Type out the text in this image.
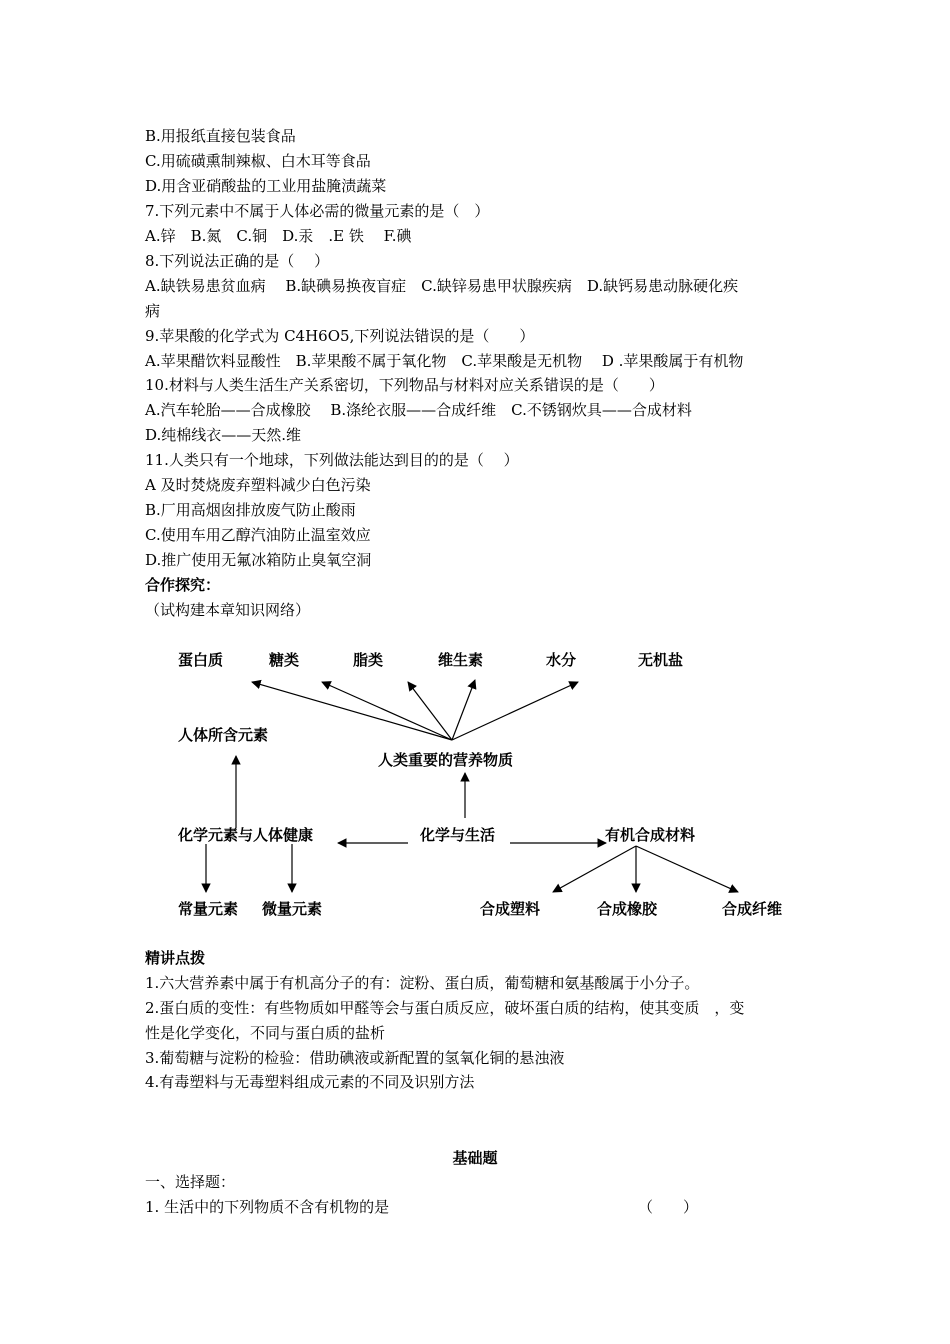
B.用报纸直接包装食品
C.用硫磺熏制辣椒、白木耳等食品
D.用含亚硝酸盐的工业用盐腌渍蔬菜
7.下列元素中不属于人体必需的微量元素的是（　）
A.锌　B.氮　C.铜　D.汞　.E 铁　 F.碘
8.下列说法正确的是（　 ）
A.缺铁易患贫血病　 B.缺碘易换夜盲症　C.缺锌易患甲状腺疾病　D.缺钙易患动脉硬化疾
病
9.苹果酸的化学式为 C4H6O5,下列说法错误的是（　　）
A.苹果醋饮料显酸性　B.苹果酸不属于氧化物　C.苹果酸是无机物　 D .苹果酸属于有机物
10.材料与人类生活生产关系密切，下列物品与材料对应关系错误的是（　　）
A.汽车轮胎——合成橡胶　 B.涤纶衣服——合成纤维　C.不锈钢炊具——合成材料
D.纯棉线衣——天然.维
11.人类只有一个地球，下列做法能达到目的的是（　 ）
A 及时焚烧废弃塑料减少白色污染
B.厂用高烟囱排放废气防止酸雨
C.使用车用乙醇汽油防止温室效应
D.推广使用无氟冰箱防止臭氧空洞
合作探究：
（试构建本章知识网络）
蛋白质	糖类	脂类	维生素	水分	无机盐
人体所含元素
人类重要的营养物质
化学元素与人体健康	化学与生活	有机合成材料
常量元素 微量元素	合成塑料	合成橡胶	合成纤维
精讲点拨
1.六大营养素中属于有机高分子的有：淀粉、蛋白质，葡萄糖和氨基酸属于小分子。
2.蛋白质的变性：有些物质如甲醛等会与蛋白质反应，破坏蛋白质的结构，使其变质　，变
性是化学变化，不同与蛋白质的盐析
3.葡萄糖与淀粉的检验：借助碘液或新配置的氢氧化铜的悬浊液
4.有毒塑料与无毒塑料组成元素的不同及识别方法
基础题
一、选择题：
1. 生活中的下列物质不含有机物的是	（　　）
